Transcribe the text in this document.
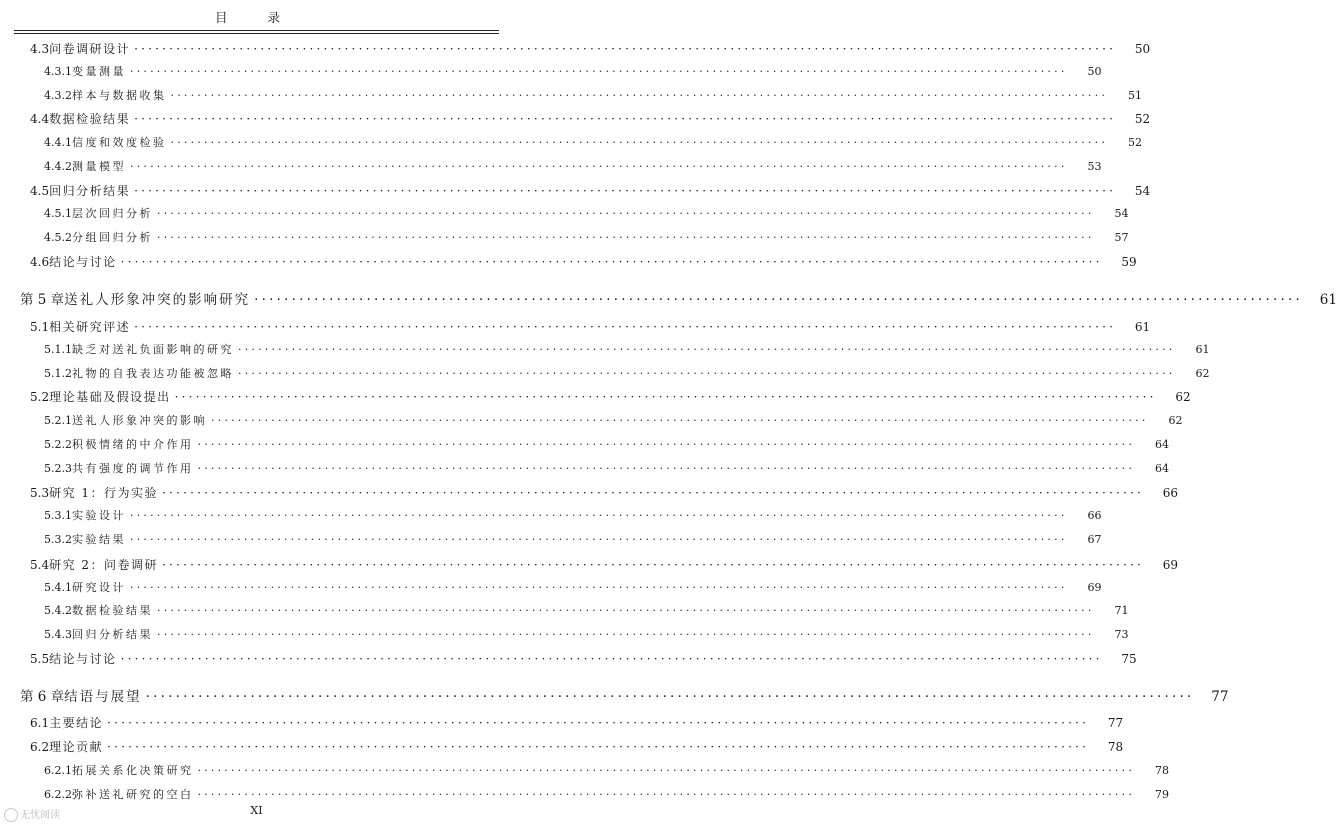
目 录
4.3 问卷调研设计 ············································································································································	50
4.3.1 变量测量 ············································································································································	50
4.3.2 样本与数据收集 ············································································································································	51
4.4 数据检验结果 ············································································································································	52
4.4.1 信度和效度检验 ············································································································································	52
4.4.2 测量模型 ············································································································································	53
4.5 回归分析结果 ············································································································································	54
4.5.1 层次回归分析 ············································································································································	54
4.5.2 分组回归分析 ············································································································································	57
4.6 结论与讨论 ············································································································································	59
第 5 章 送礼人形象冲突的影响研究 ············································································································································	61
5.1 相关研究评述 ············································································································································	61
5.1.1 缺乏对送礼负面影响的研究 ············································································································································	61
5.1.2 礼物的自我表达功能被忽略 ············································································································································	62
5.2 理论基础及假设提出 ············································································································································	62
5.2.1 送礼人形象冲突的影响 ············································································································································	62
5.2.2 积极情绪的中介作用 ············································································································································	64
5.2.3 共有强度的调节作用 ············································································································································	64
5.3 研究 1：行为实验 ············································································································································	66
5.3.1 实验设计 ············································································································································	66
5.3.2 实验结果 ············································································································································	67
5.4 研究 2：问卷调研 ············································································································································	69
5.4.1 研究设计 ············································································································································	69
5.4.2 数据检验结果 ············································································································································	71
5.4.3 回归分析结果 ············································································································································	73
5.5 结论与讨论 ············································································································································	75
第 6 章 结语与展望 ············································································································································	77
6.1 主要结论 ············································································································································	77
6.2 理论贡献 ············································································································································	78
6.2.1 拓展关系化决策研究 ············································································································································	78
6.2.2 弥补送礼研究的空白 ············································································································································	79
XI
无忧阅读
